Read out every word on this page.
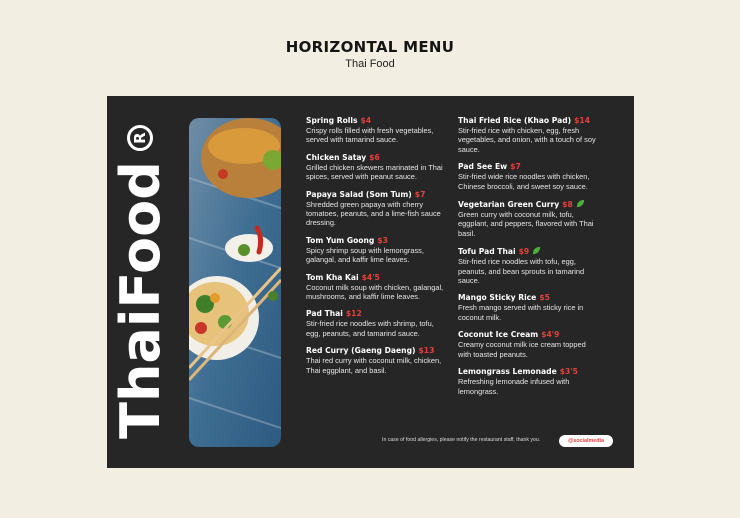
HORIZONTAL MENU
Thai Food
ThaiFood
R
Spring Rolls $4
Crispy rolls filled with fresh vegetables, served with tamarind sauce.
Chicken Satay $6
Grilled chicken skewers marinated in Thai spices, served with peanut sauce.
Papaya Salad (Som Tum) $7
Shredded green papaya with cherry tomatoes, peanuts, and a lime-fish sauce dressing.
Tom Yum Goong $3
Spicy shrimp soup with lemongrass, galangal, and kaffir lime leaves.
Tom Kha Kai $4'5
Coconut milk soup with chicken, galangal, mushrooms, and kaffir lime leaves.
Pad Thai $12
Stir-fried rice noodles with shrimp, tofu, egg, peanuts, and tamarind sauce.
Red Curry (Gaeng Daeng) $13
Thai red curry with coconut milk, chicken, Thai eggplant, and basil.
Thai Fried Rice (Khao Pad) $14
Stir-fried rice with chicken, egg, fresh vegetables, and onion, with a touch of soy sauce.
Pad See Ew $7
Stir-fried wide rice noodles with chicken, Chinese broccoli, and sweet soy sauce.
Vegetarian Green Curry $8
Green curry with coconut milk, tofu, eggplant, and peppers, flavored with Thai basil.
Tofu Pad Thai $9
Stir-fried rice noodles with tofu, egg, peanuts, and bean sprouts in tamarind sauce.
Mango Sticky Rice $5
Fresh mango served with sticky rice in coconut milk.
Coconut Ice Cream $4'9
Creamy coconut milk ice cream topped with toasted peanuts.
Lemongrass Lemonade $3'5
Refreshing lemonade infused with lemongrass.
In case of food allergies, please notify the restaurant staff, thank you.	@socialmedia
